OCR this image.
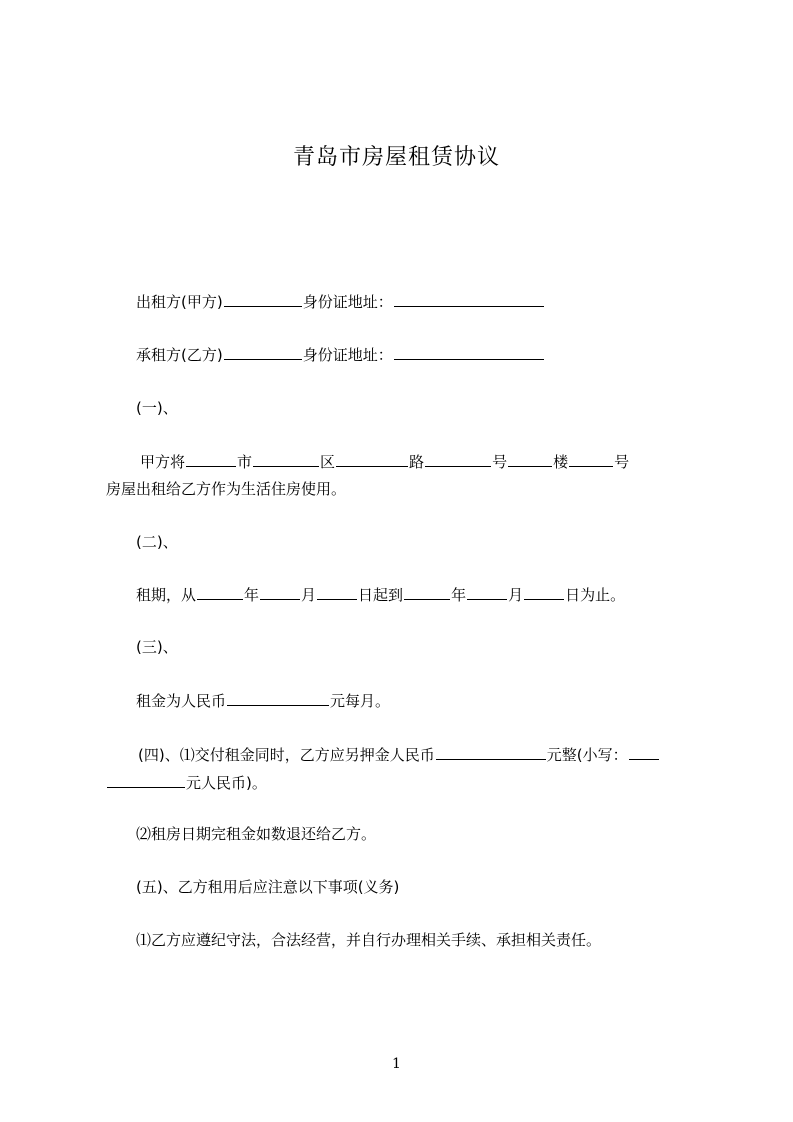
青岛市房屋租赁协议
出租方(甲方)	身份证地址：
承租方(乙方)	身份证地址：
(一)、
甲方将	市	区	路	号	楼	号
房屋出租给乙方作为生活住房使用。
(二)、
租期，从	年	月	日起到	年	月	日为止。
(三)、
租金为人民币	元每月。
(四)、⑴交付租金同时，乙方应另押金人民币	元整(小写：
元人民币)。
⑵租房日期完租金如数退还给乙方。
(五)、乙方租用后应注意以下事项(义务)
⑴乙方应遵纪守法，合法经营，并自行办理相关手续、承担相关责任。
1
